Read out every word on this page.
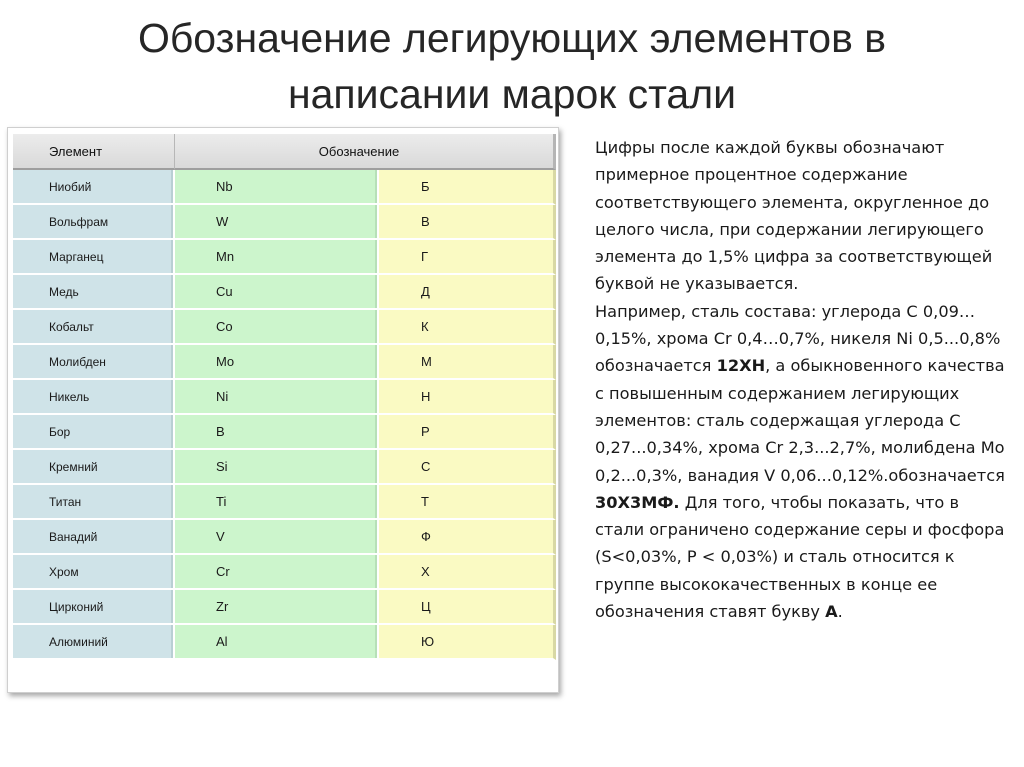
Обозначение легирующих элементов в написании марок стали
Элемент	Обозначение	
Ниобий	Nb	Б
Вольфрам	W	В
Марганец	Mn	Г
Медь	Cu	Д
Кобальт	Co	К
Молибден	Mo	М
Никель	Ni	Н
Бор	B	Р
Кремний	Si	С
Титан	Ti	Т
Ванадий	V	Ф
Хром	Cr	Х
Цирконий	Zr	Ц
Алюминий	Al	Ю

Цифры после каждой буквы обозначают примерное процентное содержание соответствующего элемента, округленное до целого числа, при содержании легирующего элемента до 1,5% цифра за соответствующей буквой не указывается.

Например, сталь состава: углерода С 0,09…0,15%, хрома Cr 0,4…0,7%, никеля Ni 0,5...0,8% обозначается 12ХН, а обыкновенного качества с повышенным содержанием легирующих элементов: сталь содержащая углерода С 0,27...0,34%, хрома Cr 2,3...2,7%, молибдена Mo 0,2...0,3%, ванадия V 0,06...0,12%.обозначается 30Х3МФ. Для того, чтобы показать, что в стали ограничено содержание серы и фосфора (S<0,03%, P < 0,03%) и сталь относится к группе высококачественных в конце ее обозначения ставят букву А.
